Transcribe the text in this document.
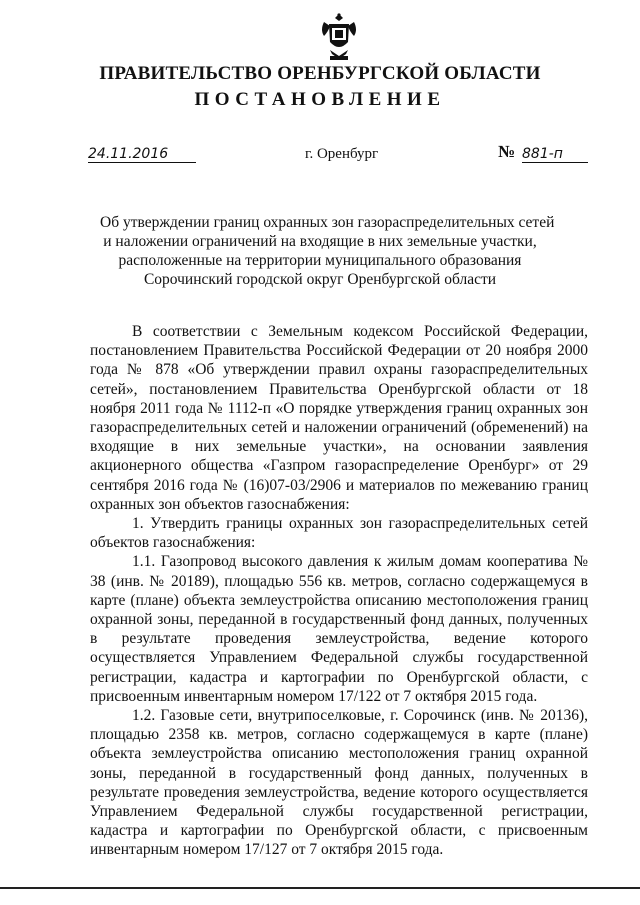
ПРАВИТЕЛЬСТВО ОРЕНБУРГСКОЙ ОБЛАСТИ
ПОСТАНОВЛЕНИЕ
24.11.2016	г. Оренбург	№ 881-п
Об утверждении границ охранных зон газораспределительных сетей
и наложении ограничений на входящие в них земельные участки,
расположенные на территории муниципального образования
Сорочинский городской округ Оренбургской области

В соответствии с Земельным кодексом Российской Федерации, постановлением Правительства Российской Федерации от 20 ноября 2000 года № 878 «Об утверждении правил охраны газораспределительных сетей», постановлением Правительства Оренбургской области от 18 ноября 2011 года № 1112-п «О порядке утверждения границ охранных зон газораспределительных сетей и наложении ограничений (обременений) на входящие в них земельные участки», на основании заявления акционерного общества «Газпром газораспределение Оренбург» от 29 сентября 2016 года № (16)07-03/2906 и материалов по межеванию границ охранных зон объектов газоснабжения:

1. Утвердить границы охранных зон газораспределительных сетей объектов газоснабжения:

1.1. Газопровод высокого давления к жилым домам кооператива № 38 (инв. № 20189), площадью 556 кв. метров, согласно содержащемуся в карте (плане) объекта землеустройства описанию местоположения границ охранной зоны, переданной в государственный фонд данных, полученных в результате проведения землеустройства, ведение которого осуществляется Управлением Федеральной службы государственной регистрации, кадастра и картографии по Оренбургской области, с присвоенным инвентарным номером 17/122 от 7 октября 2015 года.

1.2. Газовые сети, внутрипоселковые, г. Сорочинск (инв. № 20136), площадью 2358 кв. метров, согласно содержащемуся в карте (плане) объекта землеустройства описанию местоположения границ охранной зоны, переданной в государственный фонд данных, полученных в результате проведения землеустройства, ведение которого осуществляется Управлением Федеральной службы государственной регистрации, кадастра и картографии по Оренбургской области, с присвоенным инвентарным номером 17/127 от 7 октября 2015 года.
